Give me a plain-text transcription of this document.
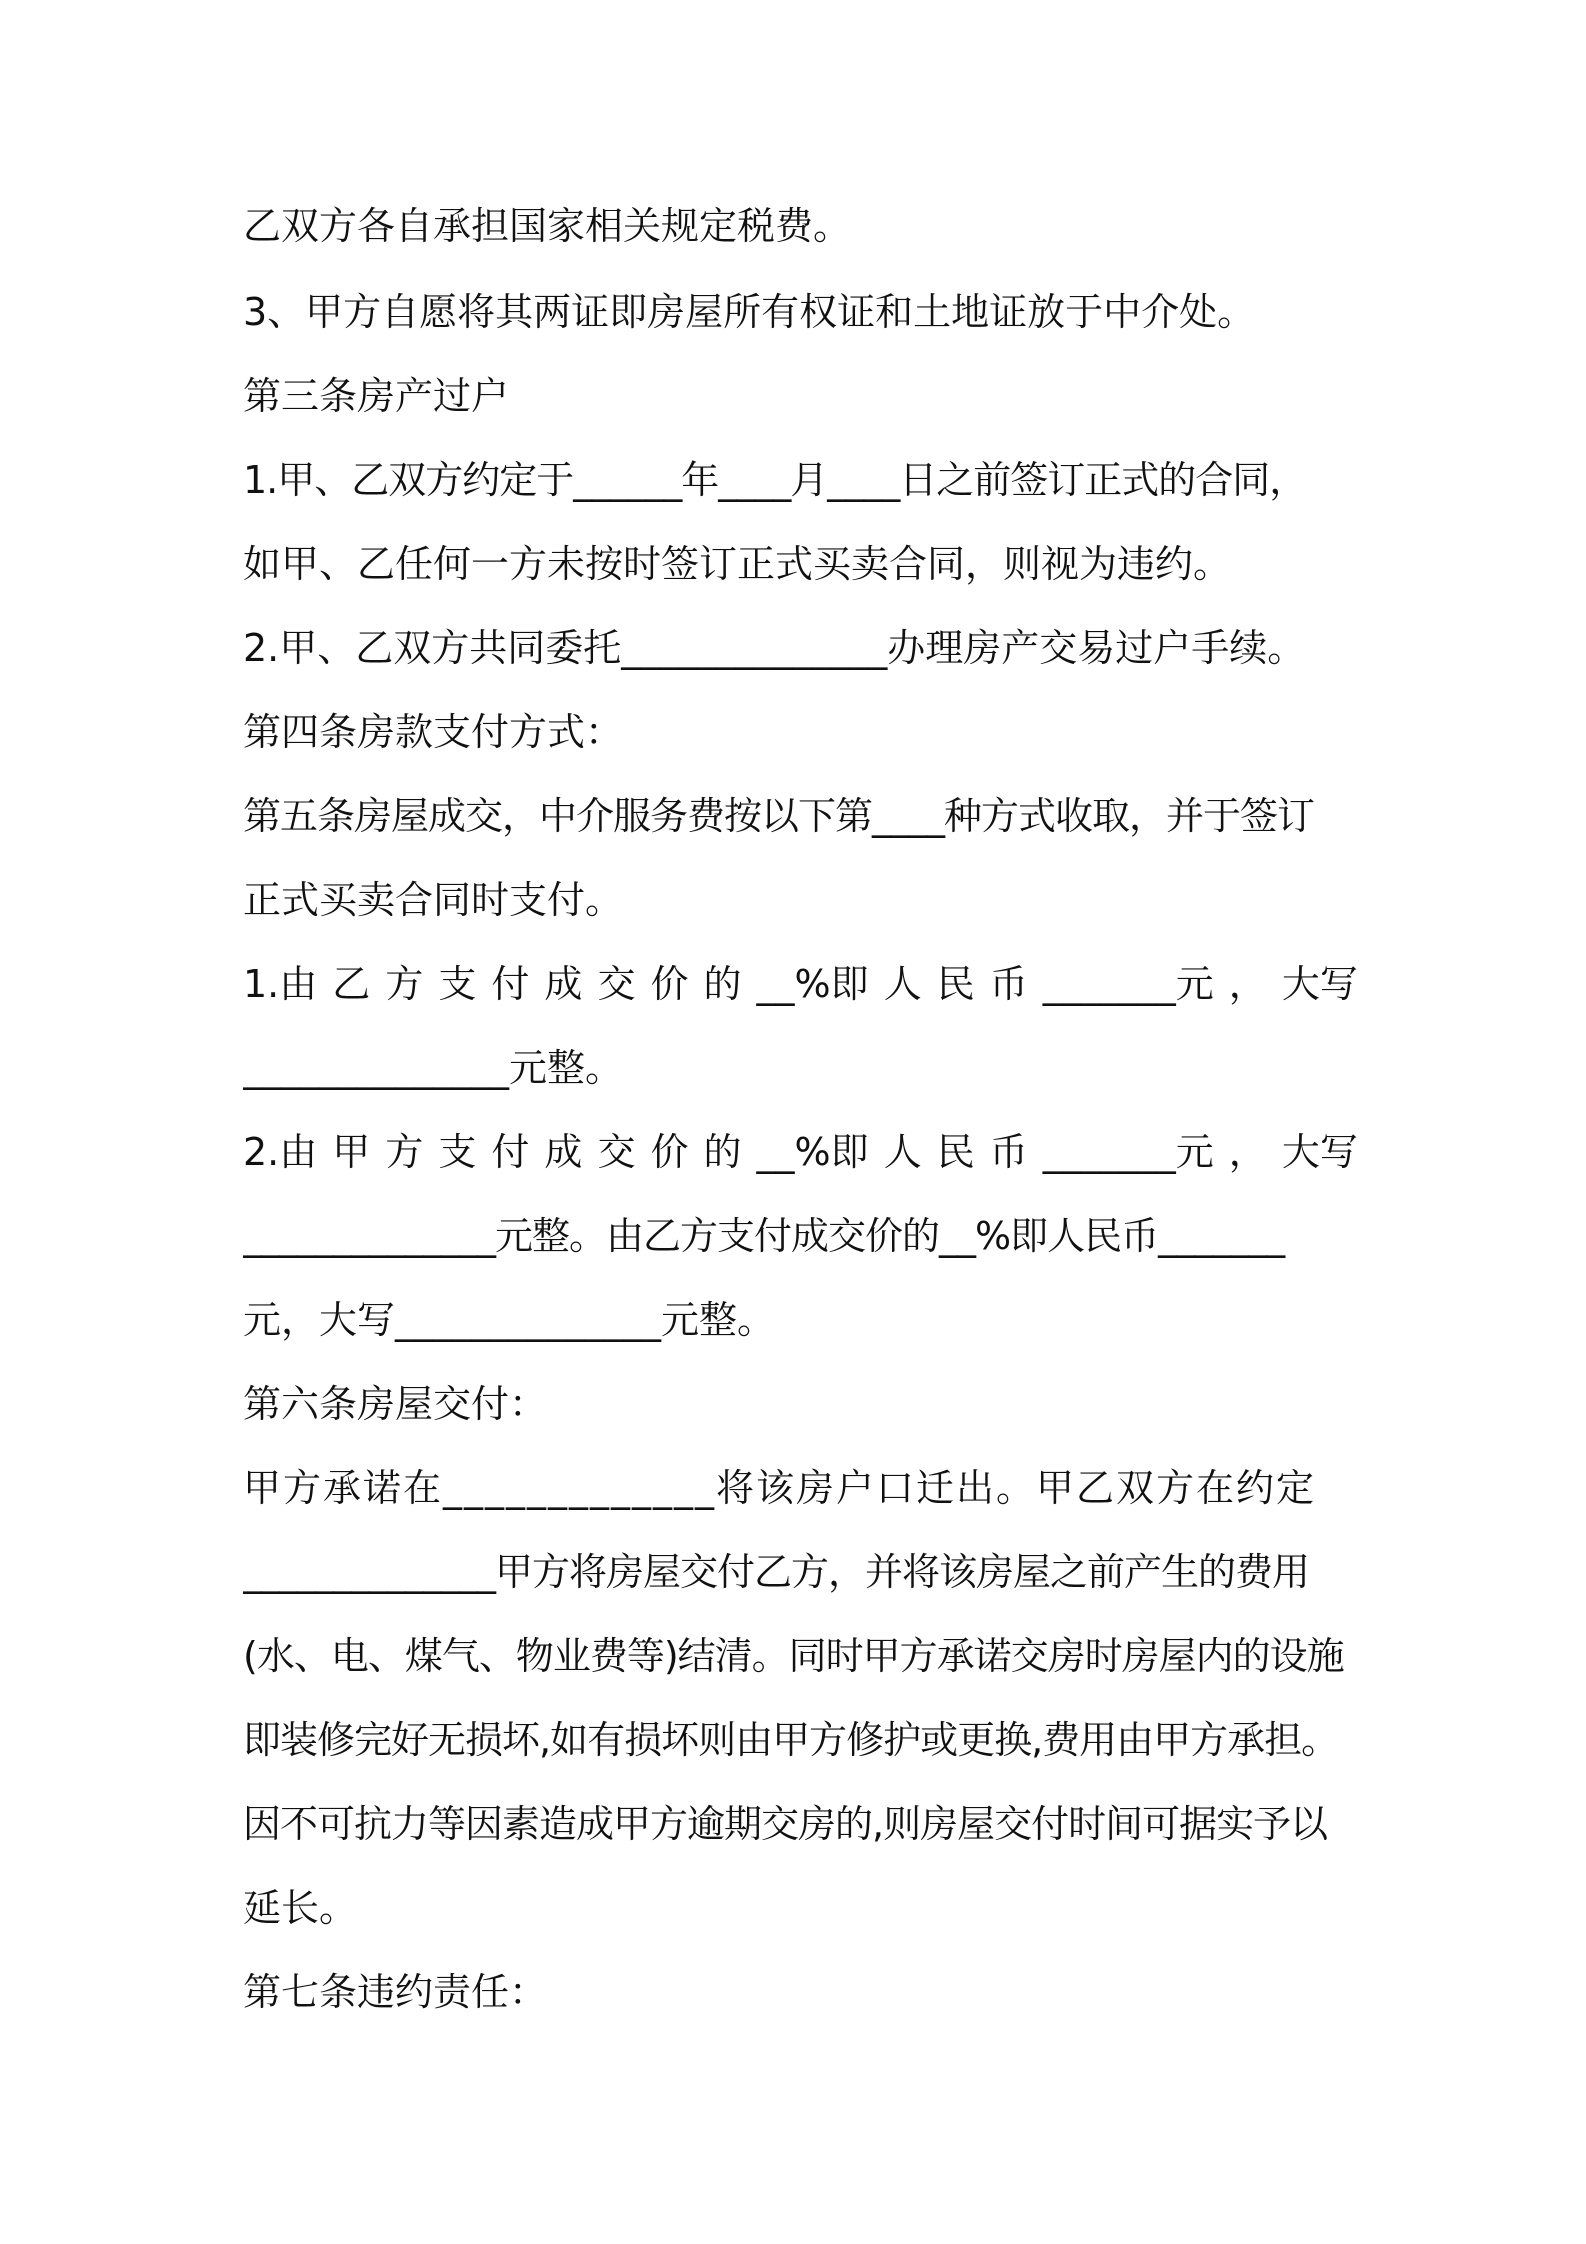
乙双方各自承担国家相关规定税费。
3、甲方自愿将其两证即房屋所有权证和土地证放于中介处。
第三条房产过户
1.甲、乙双方约定于______年____月____日之前签订正式的合同，
如甲、乙任何一方未按时签订正式买卖合同，则视为违约。
2.甲、乙双方共同委托______________办理房产交易过户手续。
第四条房款支付方式：
第五条房屋成交，中介服务费按以下第____种方式收取，并于签订
正式买卖合同时支付。
1.由 乙 方 支 付 成 交 价 的 __%即 人 民 币 _______元 ， 大写
______________元整。
2.由 甲 方 支 付 成 交 价 的 __%即 人 民 币 _______元 ， 大写
______________元整。由乙方支付成交价的__%即人民币_______
元，大写______________元整。
第六条房屋交付：
甲方承诺在_____________将该房户口迁出。甲乙双方在约定
______________甲方将房屋交付乙方，并将该房屋之前产生的费用
(水、电、煤气、物业费等)结清。同时甲方承诺交房时房屋内的设施
即装修完好无损坏,如有损坏则由甲方修护或更换,费用由甲方承担。
因不可抗力等因素造成甲方逾期交房的,则房屋交付时间可据实予以
延长。
第七条违约责任：
